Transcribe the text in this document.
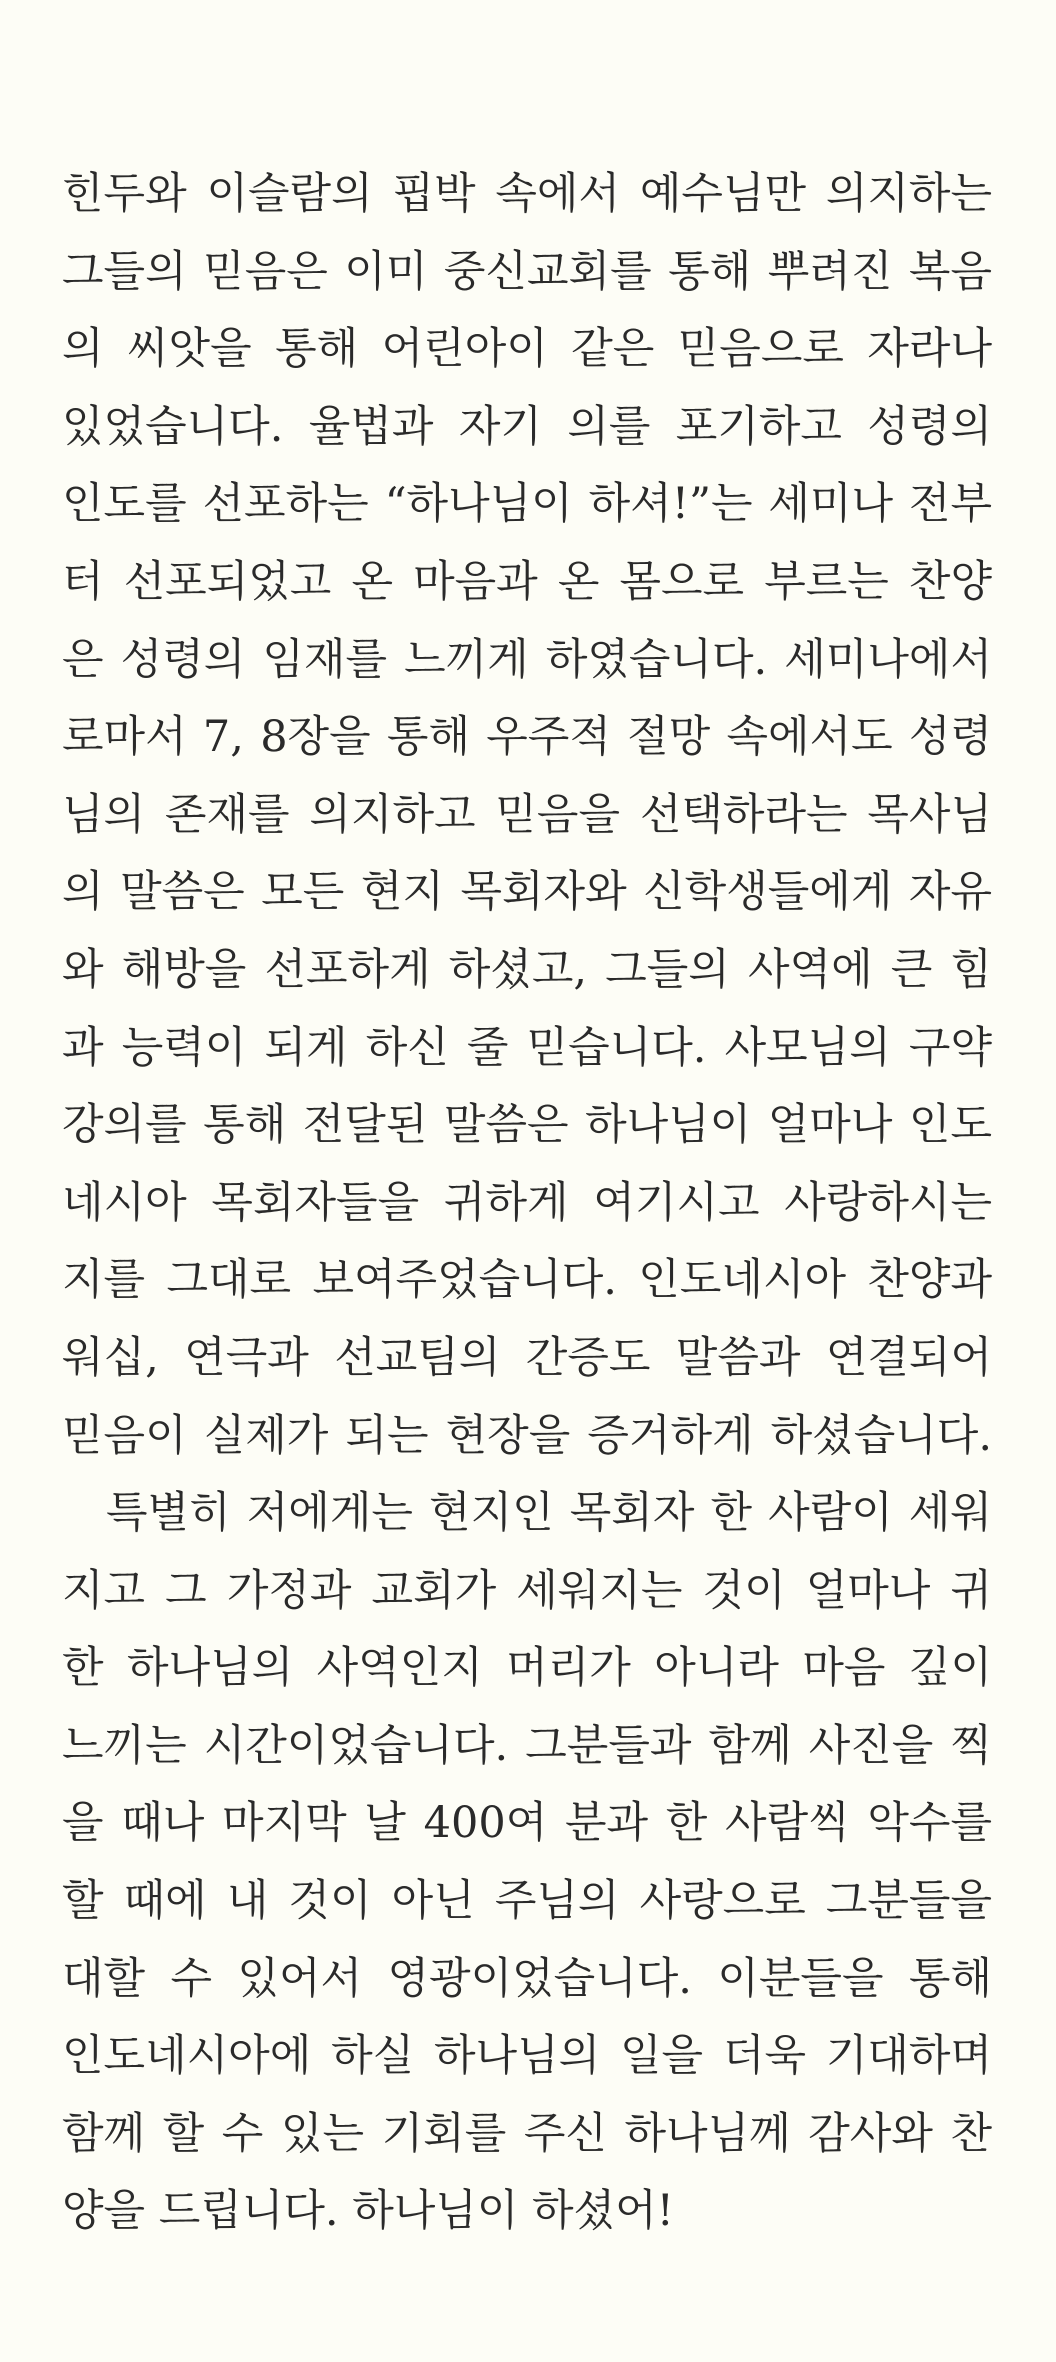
힌두와 이슬람의 핍박 속에서 예수님만 의지하는
그들의 믿음은 이미 중신교회를 통해 뿌려진 복음
의 씨앗을 통해 어린아이 같은 믿음으로 자라나
있었습니다. 율법과 자기 의를 포기하고 성령의
인도를 선포하는 “하나님이 하셔!”는 세미나 전부
터 선포되었고 온 마음과 온 몸으로 부르는 찬양
은 성령의 임재를 느끼게 하였습니다. 세미나에서
로마서 7, 8장을 통해 우주적 절망 속에서도 성령
님의 존재를 의지하고 믿음을 선택하라는 목사님
의 말씀은 모든 현지 목회자와 신학생들에게 자유
와 해방을 선포하게 하셨고, 그들의 사역에 큰 힘
과 능력이 되게 하신 줄 믿습니다. 사모님의 구약
강의를 통해 전달된 말씀은 하나님이 얼마나 인도
네시아 목회자들을 귀하게 여기시고 사랑하시는
지를 그대로 보여주었습니다. 인도네시아 찬양과
워십, 연극과 선교팀의 간증도 말씀과 연결되어
믿음이 실제가 되는 현장을 증거하게 하셨습니다.
특별히 저에게는 현지인 목회자 한 사람이 세워
지고 그 가정과 교회가 세워지는 것이 얼마나 귀
한 하나님의 사역인지 머리가 아니라 마음 깊이
느끼는 시간이었습니다. 그분들과 함께 사진을 찍
을 때나 마지막 날 400여 분과 한 사람씩 악수를
할 때에 내 것이 아닌 주님의 사랑으로 그분들을
대할 수 있어서 영광이었습니다. 이분들을 통해
인도네시아에 하실 하나님의 일을 더욱 기대하며
함께 할 수 있는 기회를 주신 하나님께 감사와 찬
양을 드립니다. 하나님이 하셨어!
